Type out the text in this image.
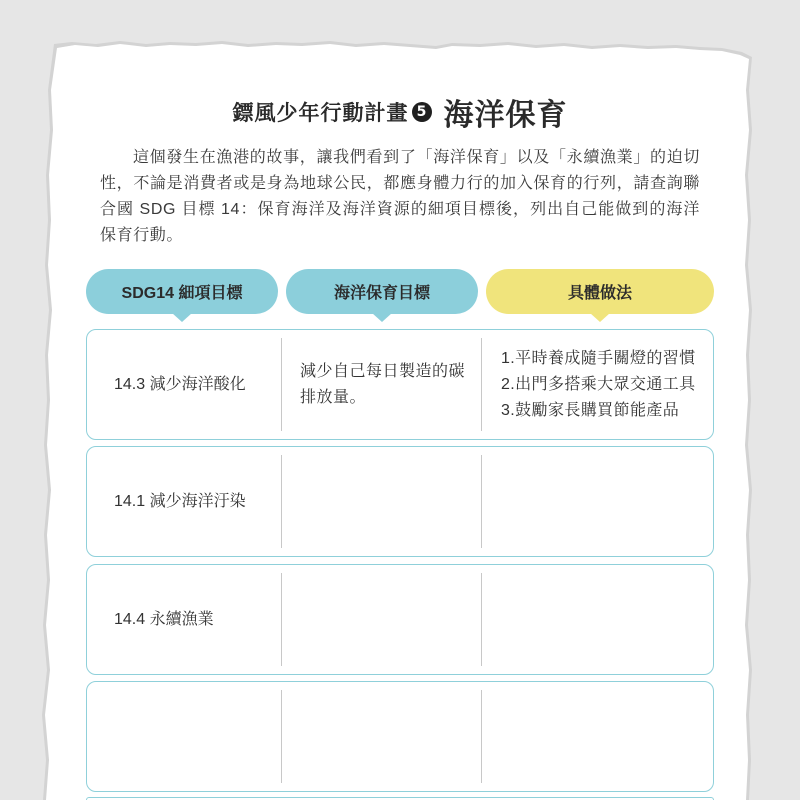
鏢風少年行動計畫 5 海洋保育

這個發生在漁港的故事，讓我們看到了「海洋保育」以及「永續漁業」的迫切性，不論是消費者或是身為地球公民，都應身體力行的加入保育的行列，請查詢聯合國 SDG 目標 14：保育海洋及海洋資源的細項目標後，列出自己能做到的海洋保育行動。

SDG14 細項目標	海洋保育目標	具體做法
14.3 減少海洋酸化
減少自己每日製造的碳排放量。
1.平時養成隨手關燈的習慣
2.出門多搭乘大眾交通工具
3.鼓勵家長購買節能產品
14.1 減少海洋汙染
14.4 永續漁業
